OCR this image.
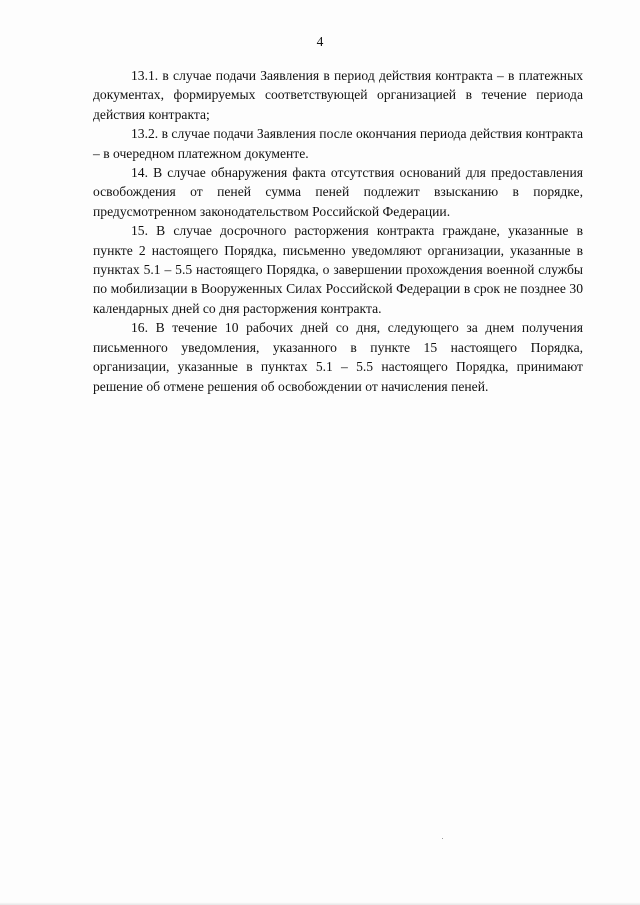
4

13.1. в случае подачи Заявления в период действия контракта – в платежных документах, формируемых соответствующей организацией в течение периода действия контракта;

13.2. в случае подачи Заявления после окончания периода действия контракта – в очередном платежном документе.

14. В случае обнаружения факта отсутствия оснований для предоставления освобождения от пеней сумма пеней подлежит взысканию в порядке, предусмотренном законодательством Российской Федерации.

15. В случае досрочного расторжения контракта граждане, указанные в пункте 2 настоящего Порядка, письменно уведомляют организации, указанные в пунктах 5.1 – 5.5 настоящего Порядка, о завершении прохождения военной службы по мобилизации в Вооруженных Силах Российской Федерации в срок не позднее 30 календарных дней со дня расторжения контракта.

16. В течение 10 рабочих дней со дня, следующего за днем получения письменного уведомления, указанного в пункте 15 настоящего Порядка, организации, указанные в пунктах 5.1 – 5.5 настоящего Порядка, принимают решение об отмене решения об освобождении от начисления пеней.
